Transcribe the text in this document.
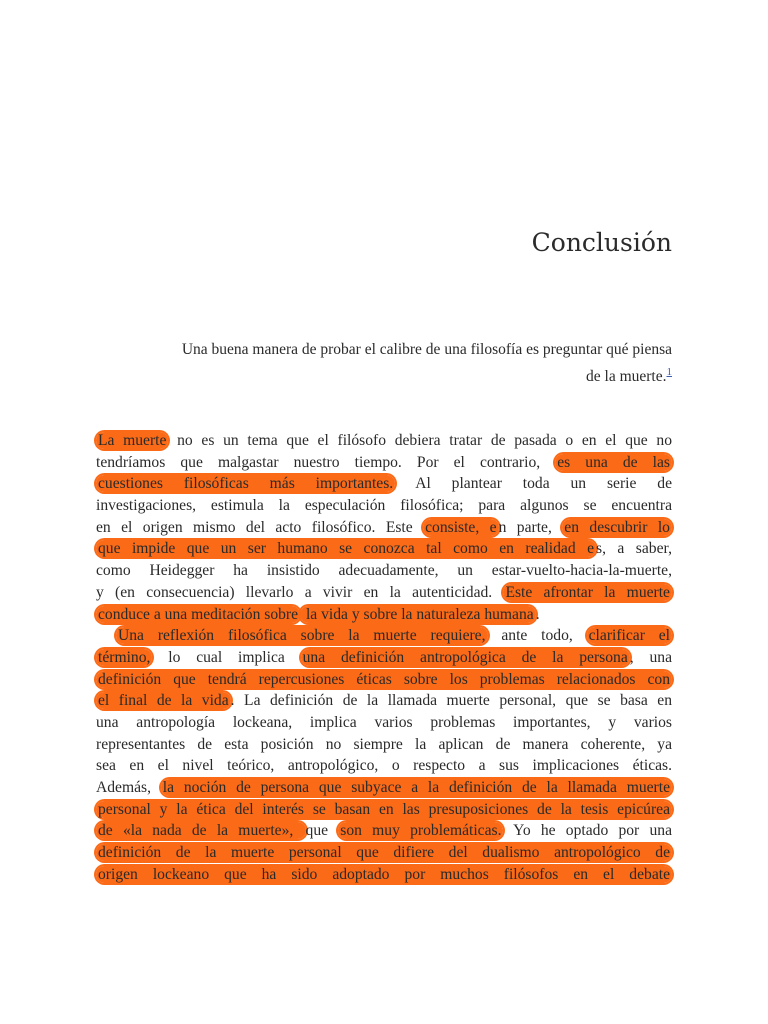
Conclusión
Una buena manera de probar el calibre de una filosofía es preguntar qué piensa
de la muerte.$^1$
La muerte no es un tema que el filósofo debiera tratar de pasada o en el que no
tendríamos que malgastar nuestro tiempo. Por el contrario, es una de las
cuestiones filosóficas más importantes. Al plantear toda un serie de
investigaciones, estimula la especulación filosófica; para algunos se encuentra
en el origen mismo del acto filosófico. Este consiste, e n parte, en descubrir lo
que impide que un ser humano se conozca tal como en realidad e s, a saber,
como Heidegger ha insistido adecuadamente, un estar-vuelto-hacia-la-muerte,
y (en consecuencia) llevarlo a vivir en la autenticidad. Este afrontar la muerte
conduce a una meditación sobre la vida y sobre la naturaleza humana .
Una reflexión filosófica sobre la muerte requiere, ante todo, clarificar el
término, lo cual implica una definición antropológica de la persona , una
definición que tendrá repercusiones éticas sobre los problemas relacionados con
el final de la vida . La definición de la llamada muerte personal, que se basa en
una antropología lockeana, implica varios problemas importantes, y varios
representantes de esta posición no siempre la aplican de manera coherente, ya
sea en el nivel teórico, antropológico, o respecto a sus implicaciones éticas.
Además, la noción de persona que subyace a la definición de la llamada muerte
personal y la ética del interés se basan en las presuposiciones de la tesis epicúrea
de «la nada de la muerte», que son muy problemáticas. Yo he optado por una
definición de la muerte personal que difiere del dualismo antropológico de
origen lockeano que ha sido adoptado por muchos filósofos en el debate
